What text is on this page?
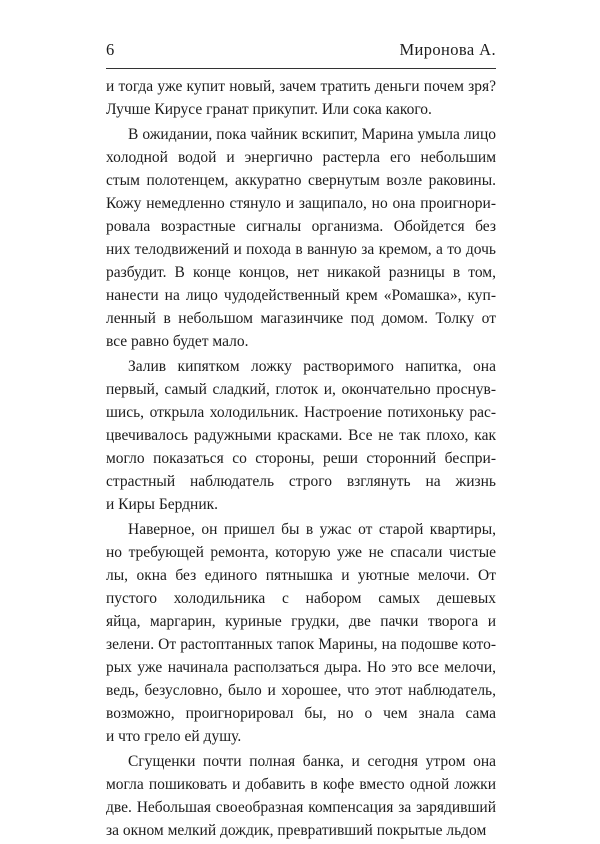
6	Миронова А.
и тогда уже купит новый, зачем тратить деньги почем зря?
Лучше Кирусе гранат прикупит. Или сока какого.
В ожидании, пока чайник вскипит, Марина умыла лицо
холодной водой и энергично растерла его небольшим
стым полотенцем, аккуратно свернутым возле раковины.
Кожу немедленно стянуло и защипало, но она проигнори-
ровала возрастные сигналы организма. Обойдется без
них телодвижений и похода в ванную за кремом, а то дочь
разбудит. В конце концов, нет никакой разницы в том,
нанести на лицо чудодейственный крем «Ромашка», куп-
ленный в небольшом магазинчике под домом. Толку от
все равно будет мало.
Залив кипятком ложку растворимого напитка, она
первый, самый сладкий, глоток и, окончательно проснув-
шись, открыла холодильник. Настроение потихоньку рас-
цвечивалось радужными красками. Все не так плохо, как
могло показаться со стороны, реши сторонний беспри-
страстный наблюдатель строго взглянуть на жизнь
и Киры Бердник.
Наверное, он пришел бы в ужас от старой квартиры,
но требующей ремонта, которую уже не спасали чистые
лы, окна без единого пятнышка и уютные мелочи. От
пустого холодильника с набором самых дешевых
яйца, маргарин, куриные грудки, две пачки творога и
зелени. От растоптанных тапок Марины, на подошве кото-
рых уже начинала расползаться дыра. Но это все мелочи,
ведь, безусловно, было и хорошее, что этот наблюдатель,
возможно, проигнорировал бы, но о чем знала сама
и что грело ей душу.
Сгущенки почти полная банка, и сегодня утром она
могла пошиковать и добавить в кофе вместо одной ложки
две. Небольшая своеобразная компенсация за зарядивший
за окном мелкий дождик, превративший покрытые льдом
